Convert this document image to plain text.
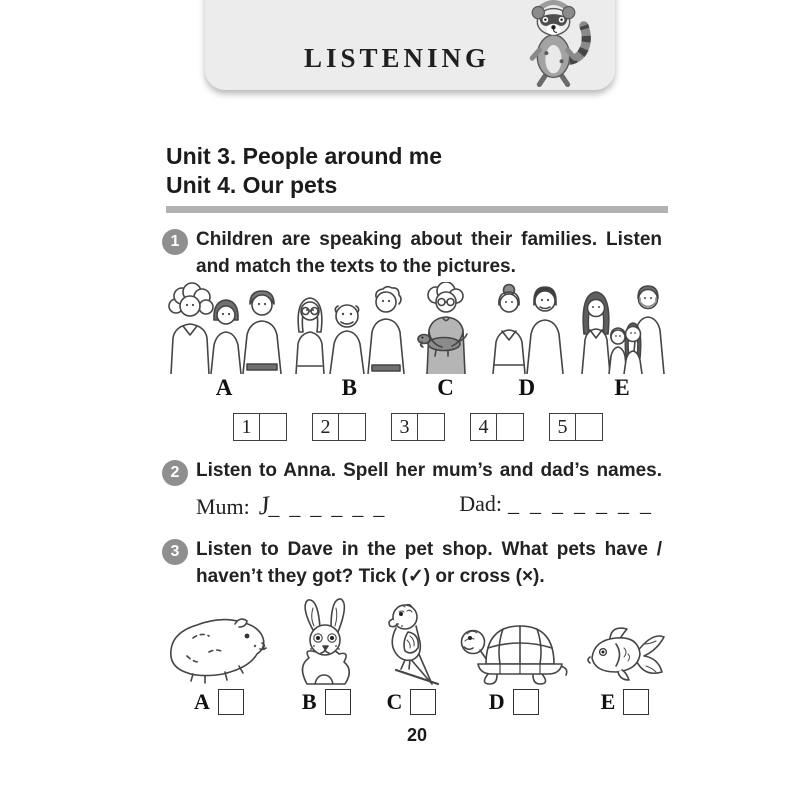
LISTENING
Unit 3. People around me
Unit 4. Our pets
1 Children are speaking about their families. Listen
and match the texts to the pictures.
A	B	C	D	E
1	2	3	4	5
2 Listen to Anna. Spell her mum’s and dad’s names.
Mum: J
______	Dad: _______
3 Listen to Dave in the pet shop. What pets have /
haven’t they got? Tick (✓) or cross (×).
A	B	C	D	E
20
